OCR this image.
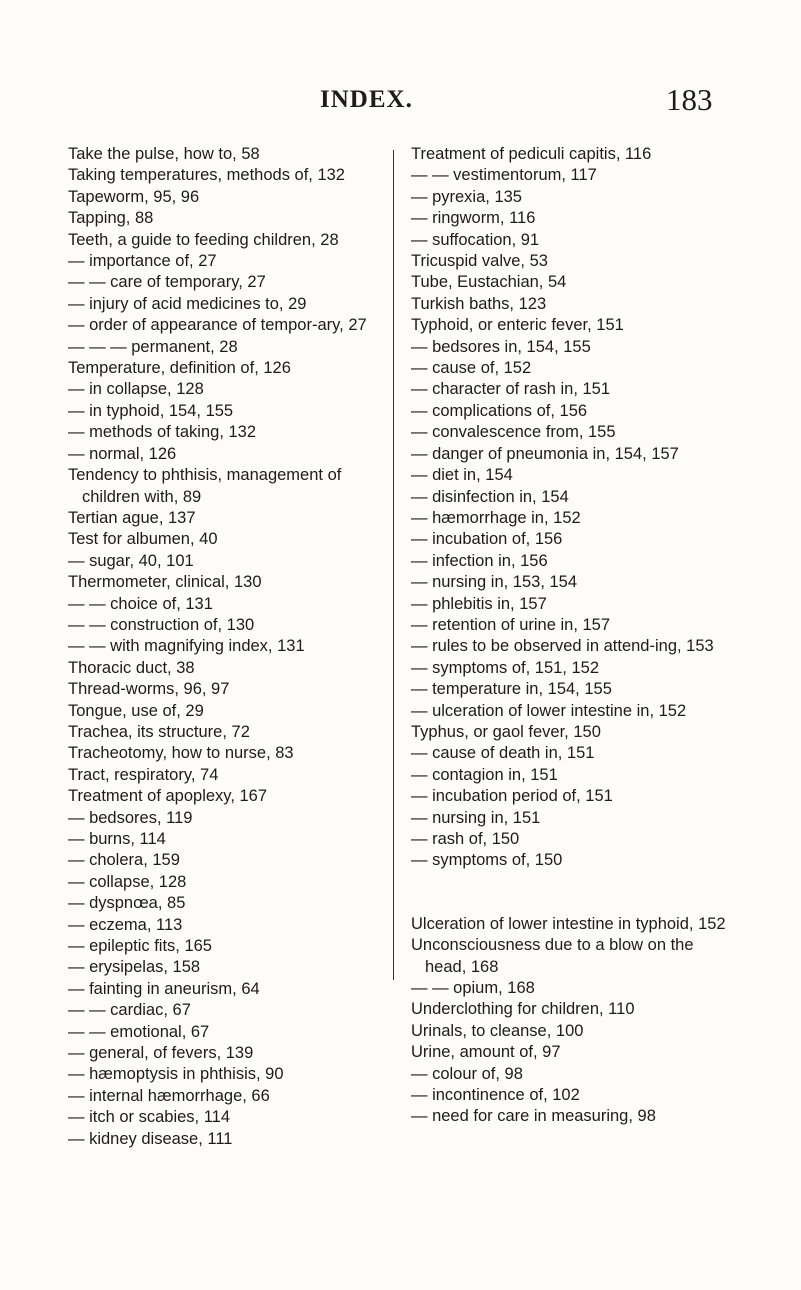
INDEX.	183

Take the pulse, how to, 58

Taking temperatures, methods of, 132

Tapeworm, 95, 96

Tapping, 88

Teeth, a guide to feeding children, 28

— importance of, 27

— — care of temporary, 27

— injury of acid medicines to, 29

— order of appearance of tempor-ary, 27

— — — permanent, 28

Temperature, definition of, 126

— in collapse, 128

— in typhoid, 154, 155

— methods of taking, 132

— normal, 126

Tendency to phthisis, management of children with, 89

Tertian ague, 137

Test for albumen, 40

— sugar, 40, 101

Thermometer, clinical, 130

— — choice of, 131

— — construction of, 130

— — with magnifying index, 131

Thoracic duct, 38

Thread-worms, 96, 97

Tongue, use of, 29

Trachea, its structure, 72

Tracheotomy, how to nurse, 83

Tract, respiratory, 74

Treatment of apoplexy, 167

— bedsores, 119

— burns, 114

— cholera, 159

— collapse, 128

— dyspnœa, 85

— eczema, 113

— epileptic fits, 165

— erysipelas, 158

— fainting in aneurism, 64

— — cardiac, 67

— — emotional, 67

— general, of fevers, 139

— hæmoptysis in phthisis, 90

— internal hæmorrhage, 66

— itch or scabies, 114

— kidney disease, 111

Treatment of pediculi capitis, 116

— — vestimentorum, 117

— pyrexia, 135

— ringworm, 116

— suffocation, 91

Tricuspid valve, 53

Tube, Eustachian, 54

Turkish baths, 123

Typhoid, or enteric fever, 151

— bedsores in, 154, 155

— cause of, 152

— character of rash in, 151

— complications of, 156

— convalescence from, 155

— danger of pneumonia in, 154, 157

— diet in, 154

— disinfection in, 154

— hæmorrhage in, 152

— incubation of, 156

— infection in, 156

— nursing in, 153, 154

— phlebitis in, 157

— retention of urine in, 157

— rules to be observed in attend-ing, 153

— symptoms of, 151, 152

— temperature in, 154, 155

— ulceration of lower intestine in, 152

Typhus, or gaol fever, 150

— cause of death in, 151

— contagion in, 151

— incubation period of, 151

— nursing in, 151

— rash of, 150

— symptoms of, 150

Ulceration of lower intestine in typhoid, 152

Unconsciousness due to a blow on the head, 168

— — opium, 168

Underclothing for children, 110

Urinals, to cleanse, 100

Urine, amount of, 97

— colour of, 98

— incontinence of, 102

— need for care in measuring, 98
